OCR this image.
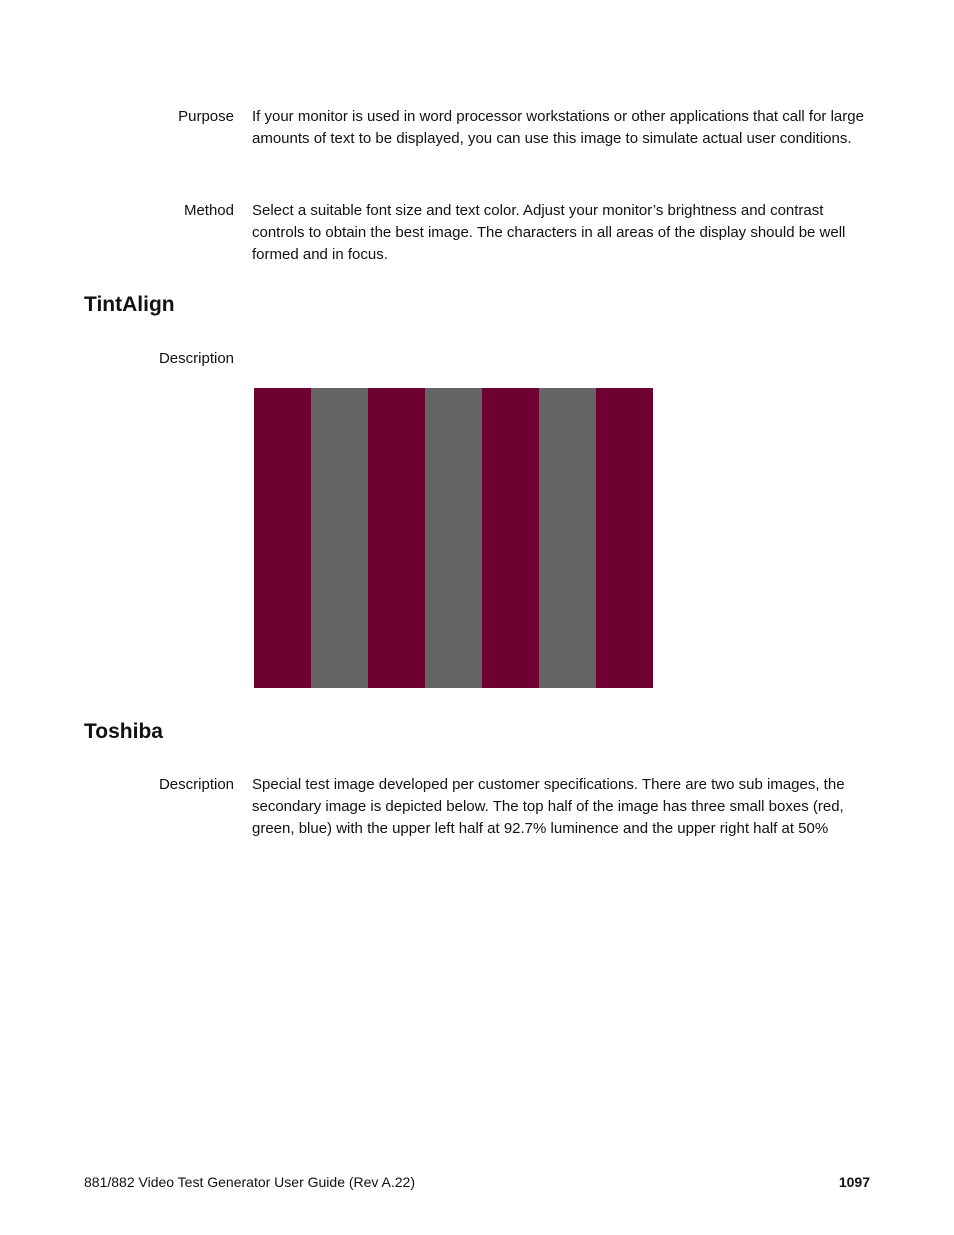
Purpose If your monitor is used in word processor workstations or other applications that call for large amounts of text to be displayed, you can use this image to simulate actual user conditions.
Method Select a suitable font size and text color. Adjust your monitor’s brightness and contrast controls to obtain the best image. The characters in all areas of the display should be well formed and in focus.
TintAlign
Description
Toshiba
Description Special test image developed per customer specifications. There are two sub images, the secondary image is depicted below. The top half of the image has three small boxes (red, green, blue) with the upper left half at 92.7% luminence and the upper right half at 50%
881/882 Video Test Generator User Guide (Rev A.22)	1097
